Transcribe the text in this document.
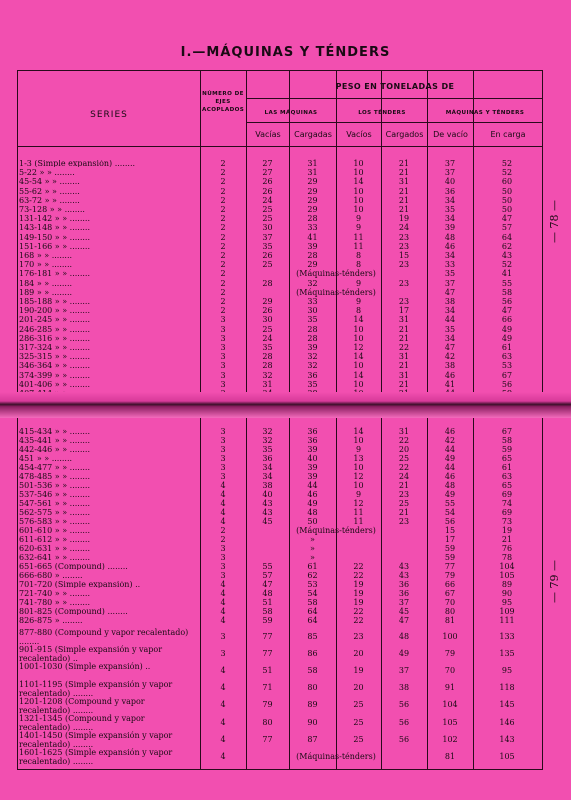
I.—MÁQUINAS Y TÉNDERS
SERIES
NÚMERO DE EJES ACOPLADOS
PESO EN TONELADAS DE
LAS MÁQUINAS	LOS TÉNDERS	MÁQUINAS Y TÉNDERS
Vacías	Cargadas	Vacíos	Cargados	De vacío	En carga
1-3 (Simple expansión) ........	2	27	31	10	21	37	52
5-22 » » ........	2	27	31	10	21	37	52
45-54 » » ........	2	26	29	14	31	40	60
55-62 » » ........	2	26	29	10	21	36	50
63-72 » » ........	2	24	29	10	21	34	50
73-128 » » ........	2	25	29	10	21	35	50
131-142 » » ........	2	25	28	9	19	34	47
143-148 » » ........	2	30	33	9	24	39	57
149-150 » » ........	2	37	41	11	23	48	64
151-166 » » ........	2	35	39	11	23	46	62
168 » » ........	2	26	28	8	15	34	43
170 » » ........	2	25	29	8	23	33	52
176-181 » » ........	2	(Máquinas-ténders)	35	41
184 » » ........	2	28	32	9	23	37	55
189 » » ........	2	(Máquinas-ténders)	47	58
185-188 » » ........	2	29	33	9	23	38	56
190-200 » » ........	2	26	30	8	17	34	47
201-245 » » ........	3	30	35	14	31	44	66
246-285 » » ........	3	25	28	10	21	35	49
286-316 » » ........	3	24	28	10	21	34	49
317-324 » » ........	3	35	39	12	22	47	61
325-315 » » ........	3	28	32	14	31	42	63
346-364 » » ........	3	28	32	10	21	38	53
374-399 » » ........	3	32	36	14	31	46	67
401-406 » » ........	3	31	35	10	21	41	56
415-434 » » ........	3	32	36	14	31	46	67
435-441 » » ........	3	32	36	10	22	42	58
442-446 » » ........	3	35	39	9	20	44	59
451 » » ........	3	36	40	13	25	49	65
454-477 » » ........	3	34	39	10	22	44	61
478-485 » » ........	3	34	39	12	24	46	63
501-536 » » ........	4	38	44	10	21	48	65
537-546 » » ........	4	40	46	9	23	49	69
547-561 » » ........	4	43	49	12	25	55	74
562-575 » » ........	4	43	48	11	21	54	69
576-583 » » ........	4	45	50	11	23	56	73
601-610 » » ........	2	(Máquinas-ténders)	15	19
611-612 » » ........	2	»	17	21
620-631 » » ........	3	»	59	76
632-641 » » ........	3	»	59	78
651-665 (Compound) ........	3	55	61	22	43	77	104
666-680 » ........	3	57	62	22	43	79	105
701-720 (Simple expansión) ..	4	47	53	19	36	66	89
721-740 » » ........	4	48	54	19	36	67	90
741-780 » » ........	4	51	58	19	37	70	95
801-825 (Compound) ........	4	58	64	22	45	80	109
826-875 » ........	4	59	64	22	47	81	111
877-880 (Compound y vapor recalentado) ........
3	77	85	23	48	100	133
901-915 (Simple expansión y vapor recalentado) ..
3	77	86	20	49	79	135
1001-1030 (Simple expansión) ..	4	51	58	19	37	70	95
1101-1195 (Simple expansión y vapor recalentado) ........
4	71	80	20	38	91	118
1201-1208 (Compound y vapor recalentado) ........
4	79	89	25	56	104	145
1321-1345 (Compound y vapor recalentado) ........
4	80	90	25	56	105	146
1401-1450 (Simple expansión y vapor recalentado) ........
4	77	87	25	56	102	143
1601-1625 (Simple expansión y vapor recalentado) ........
4	(Máquinas-ténders)	81	105
— 78 —
— 79 —
